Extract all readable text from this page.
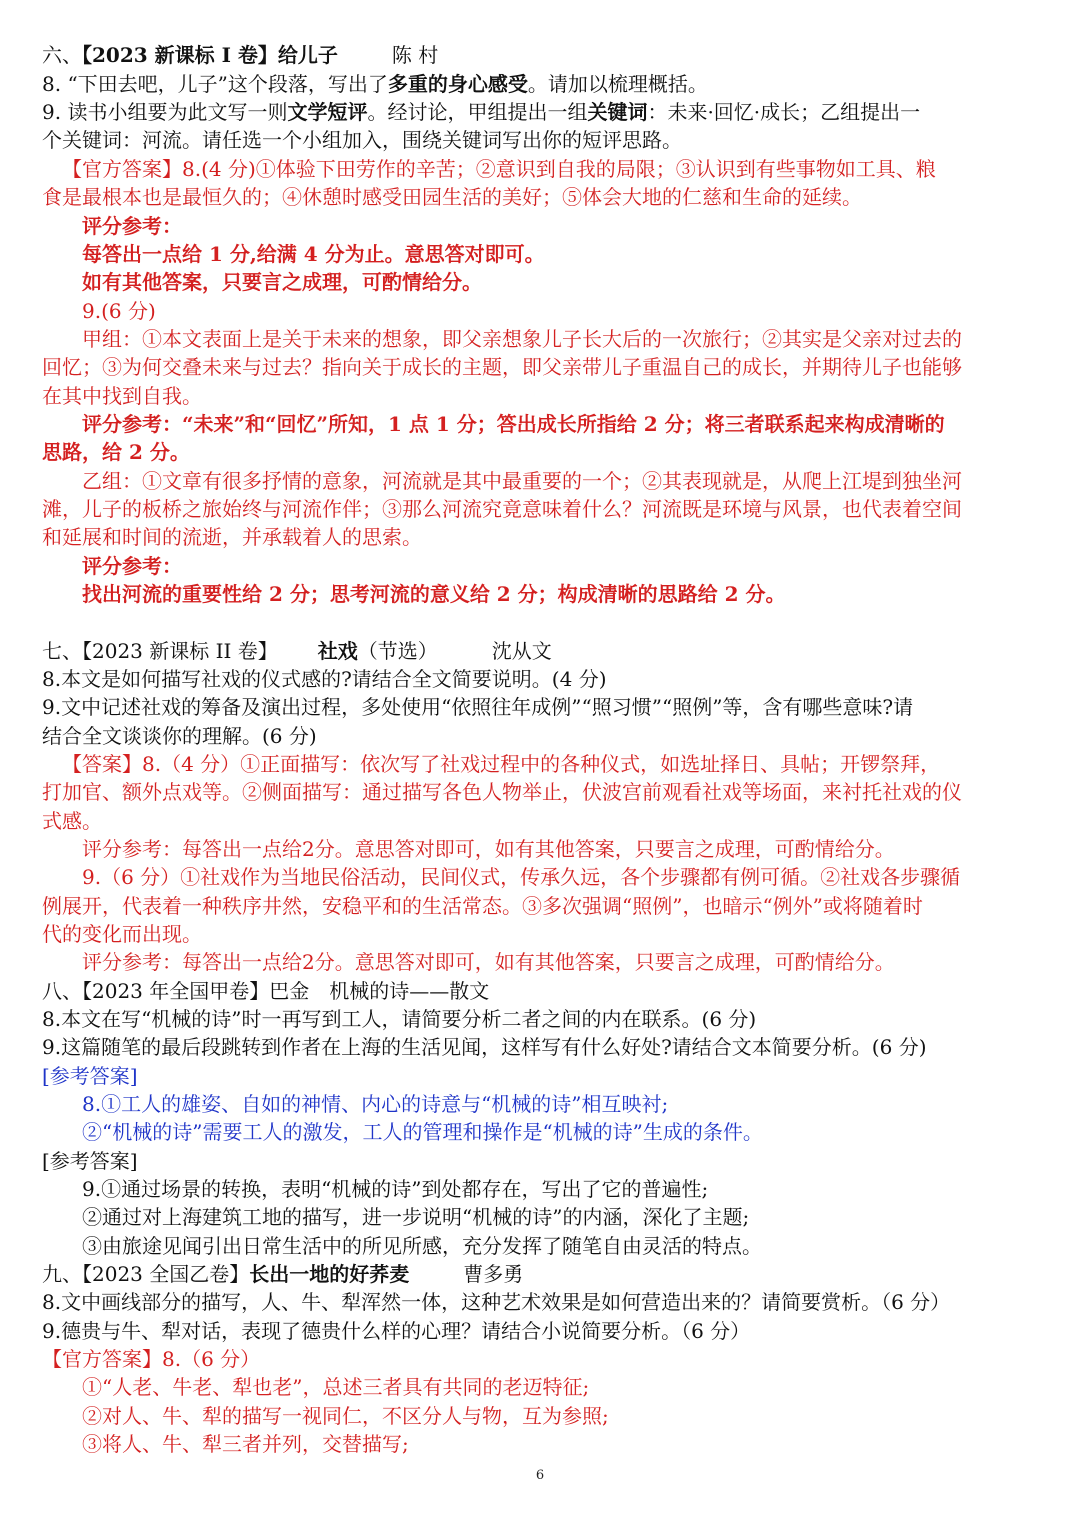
六、【2023 新课标 I 卷】给儿子	陈 村
8. “下田去吧，儿子”这个段落，写出了多重的身心感受。请加以梳理概括。
9. 读书小组要为此文写一则文学短评。经讨论，甲组提出一组关键词：未来·回忆·成长；乙组提出一
个关键词：河流。请任选一个小组加入，围绕关键词写出你的短评思路。
【官方答案】8.(4 分)①体验下田劳作的辛苦；②意识到自我的局限；③认识到有些事物如工具、粮
食是最根本也是最恒久的；④休憩时感受田园生活的美好；⑤体会大地的仁慈和生命的延续。
评分参考：
每答出一点给 1 分,给满 4 分为止。意思答对即可。
如有其他答案，只要言之成理，可酌情给分。
9.(6 分)
甲组：①本文表面上是关于未来的想象，即父亲想象儿子长大后的一次旅行；②其实是父亲对过去的
回忆；③为何交叠未来与过去？指向关于成长的主题，即父亲带儿子重温自己的成长，并期待儿子也能够
在其中找到自我。
评分参考：“未来”和“回忆”所知，1 点 1 分；答出成长所指给 2 分；将三者联系起来构成清晰的
思路，给 2 分。
乙组：①文章有很多抒情的意象，河流就是其中最重要的一个；②其表现就是，从爬上江堤到独坐河
滩，儿子的板桥之旅始终与河流作伴；③那么河流究竟意味着什么？河流既是环境与风景，也代表着空间
和延展和时间的流逝，并承载着人的思索。
评分参考：
找出河流的重要性给 2 分；思考河流的意义给 2 分；构成清晰的思路给 2 分。
七、【2023 新课标 II 卷】 社戏（节选）	沈从文
8.本文是如何描写社戏的仪式感的?请结合全文简要说明。(4 分)
9.文中记述社戏的筹备及演出过程，多处使用“依照往年成例”“照习惯”“照例”等，含有哪些意味?请
结合全文谈谈你的理解。(6 分)
【答案】8.（4 分）①正面描写：依次写了社戏过程中的各种仪式，如选址择日、具帖；开锣祭拜，
打加官、额外点戏等。②侧面描写：通过描写各色人物举止，伏波宫前观看社戏等场面，来衬托社戏的仪
式感。
评分参考：每答出一点给2分。意思答对即可，如有其他答案，只要言之成理，可酌情给分。
9.（6 分）①社戏作为当地民俗活动，民间仪式，传承久远，各个步骤都有例可循。②社戏各步骤循
例展开，代表着一种秩序井然，安稳平和的生活常态。③多次强调“照例”，也暗示“例外”或将随着时
代的变化而出现。
评分参考：每答出一点给2分。意思答对即可，如有其他答案，只要言之成理，可酌情给分。
八、【2023 年全国甲卷】巴金　机械的诗——散文
8.本文在写“机械的诗”时一再写到工人，请简要分析二者之间的内在联系。(6 分)
9.这篇随笔的最后段跳转到作者在上海的生活见闻，这样写有什么好处?请结合文本简要分析。(6 分)
[参考答案]
8.①工人的雄姿、自如的神情、内心的诗意与“机械的诗”相互映衬;
②“机械的诗”需要工人的激发，工人的管理和操作是“机械的诗”生成的条件。
[参考答案]
9.①通过场景的转换，表明“机械的诗”到处都存在，写出了它的普遍性;
②通过对上海建筑工地的描写，进一步说明“机械的诗”的内涵，深化了主题;
③由旅途见闻引出日常生活中的所见所感，充分发挥了随笔自由灵活的特点。
九、【2023 全国乙卷】长出一地的好荞麦	曹多勇
8.文中画线部分的描写，人、牛、犁浑然一体，这种艺术效果是如何营造出来的？请简要赏析。（6 分）
9.德贵与牛、犁对话，表现了德贵什么样的心理？请结合小说简要分析。（6 分）
【官方答案】8.（6 分）
①“人老、牛老、犁也老”，总述三者具有共同的老迈特征;
②对人、牛、犁的描写一视同仁，不区分人与物，互为参照;
③将人、牛、犁三者并列，交替描写;
6
